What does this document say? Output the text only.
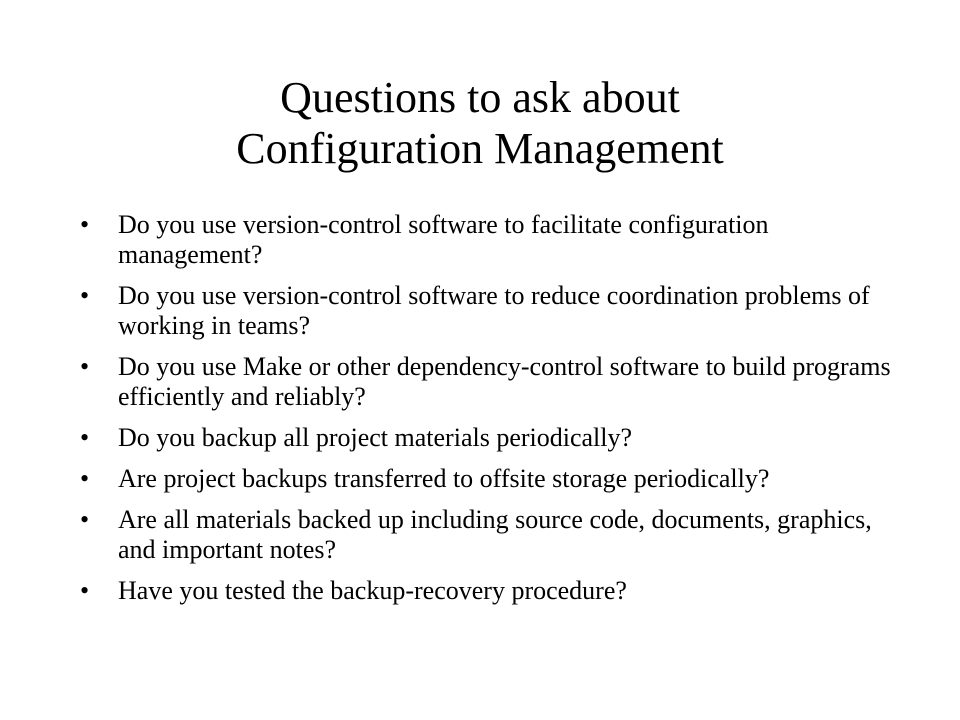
Questions to ask about
Configuration Management
•	Do you use version-control software to facilitate configuration management?
•	Do you use version-control software to reduce coordination problems of working in teams?
•	Do you use Make or other dependency-control software to build programs efficiently and reliably?
•	Do you backup all project materials periodically?
•	Are project backups transferred to offsite storage periodically?
•	Are all materials backed up including source code, documents, graphics, and important notes?
•	Have you tested the backup-recovery procedure?
